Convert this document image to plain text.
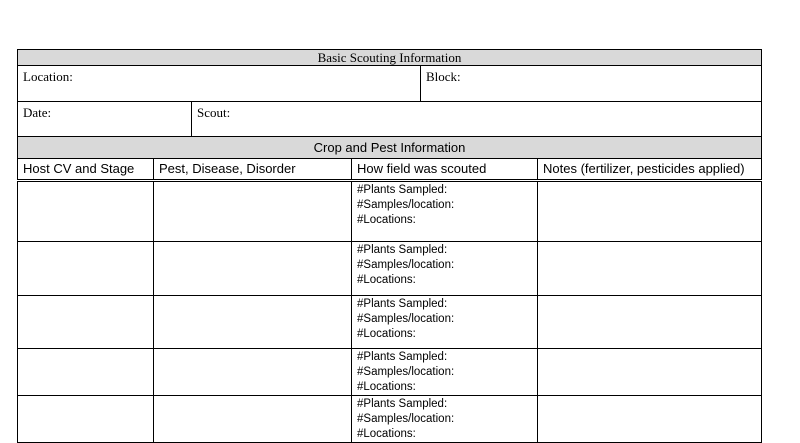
Basic Scouting Information		
Location:		Block:
Date:	Scout:	
Crop and Pest Information			
Host CV and Stage	Pest, Disease, Disorder	How field was scouted	Notes (fertilizer, pesticides applied)

		#Plants Sampled:
#Samples/location:
#Locations:	

		#Plants Sampled:
#Samples/location:
#Locations:	

		#Plants Sampled:
#Samples/location:
#Locations:	

		#Plants Sampled:
#Samples/location:
#Locations:	

		#Plants Sampled:
#Samples/location:
#Locations:	
